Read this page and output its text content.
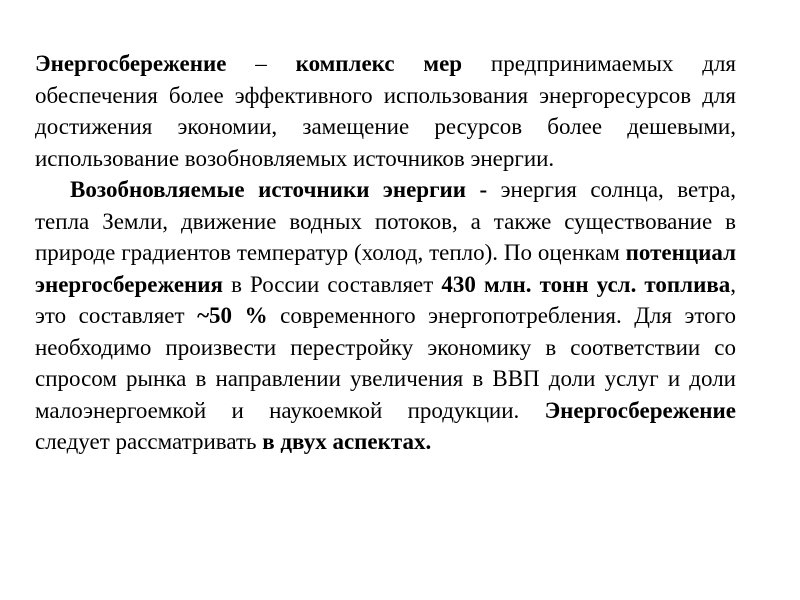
Энергосбережение – комплекс мер предпринимаемых для обеспечения более эффективного использования энергоресурсов для достижения экономии, замещение ресурсов более дешевыми, использование возобновляемых источников энергии.

Возобновляемые источники энергии - энергия солнца, ветра, тепла Земли, движение водных потоков, а также существование в природе градиентов температур (холод, тепло). По оценкам потенциал энергосбережения в России составляет 430 млн. тонн усл. топлива, это составляет ~50 % современного энергопотребления. Для этого необходимо произвести перестройку экономику в соответствии со спросом рынка в направлении увеличения в ВВП доли услуг и доли малоэнергоемкой и наукоемкой продукции. Энергосбережение следует рассматривать в двух аспектах.
